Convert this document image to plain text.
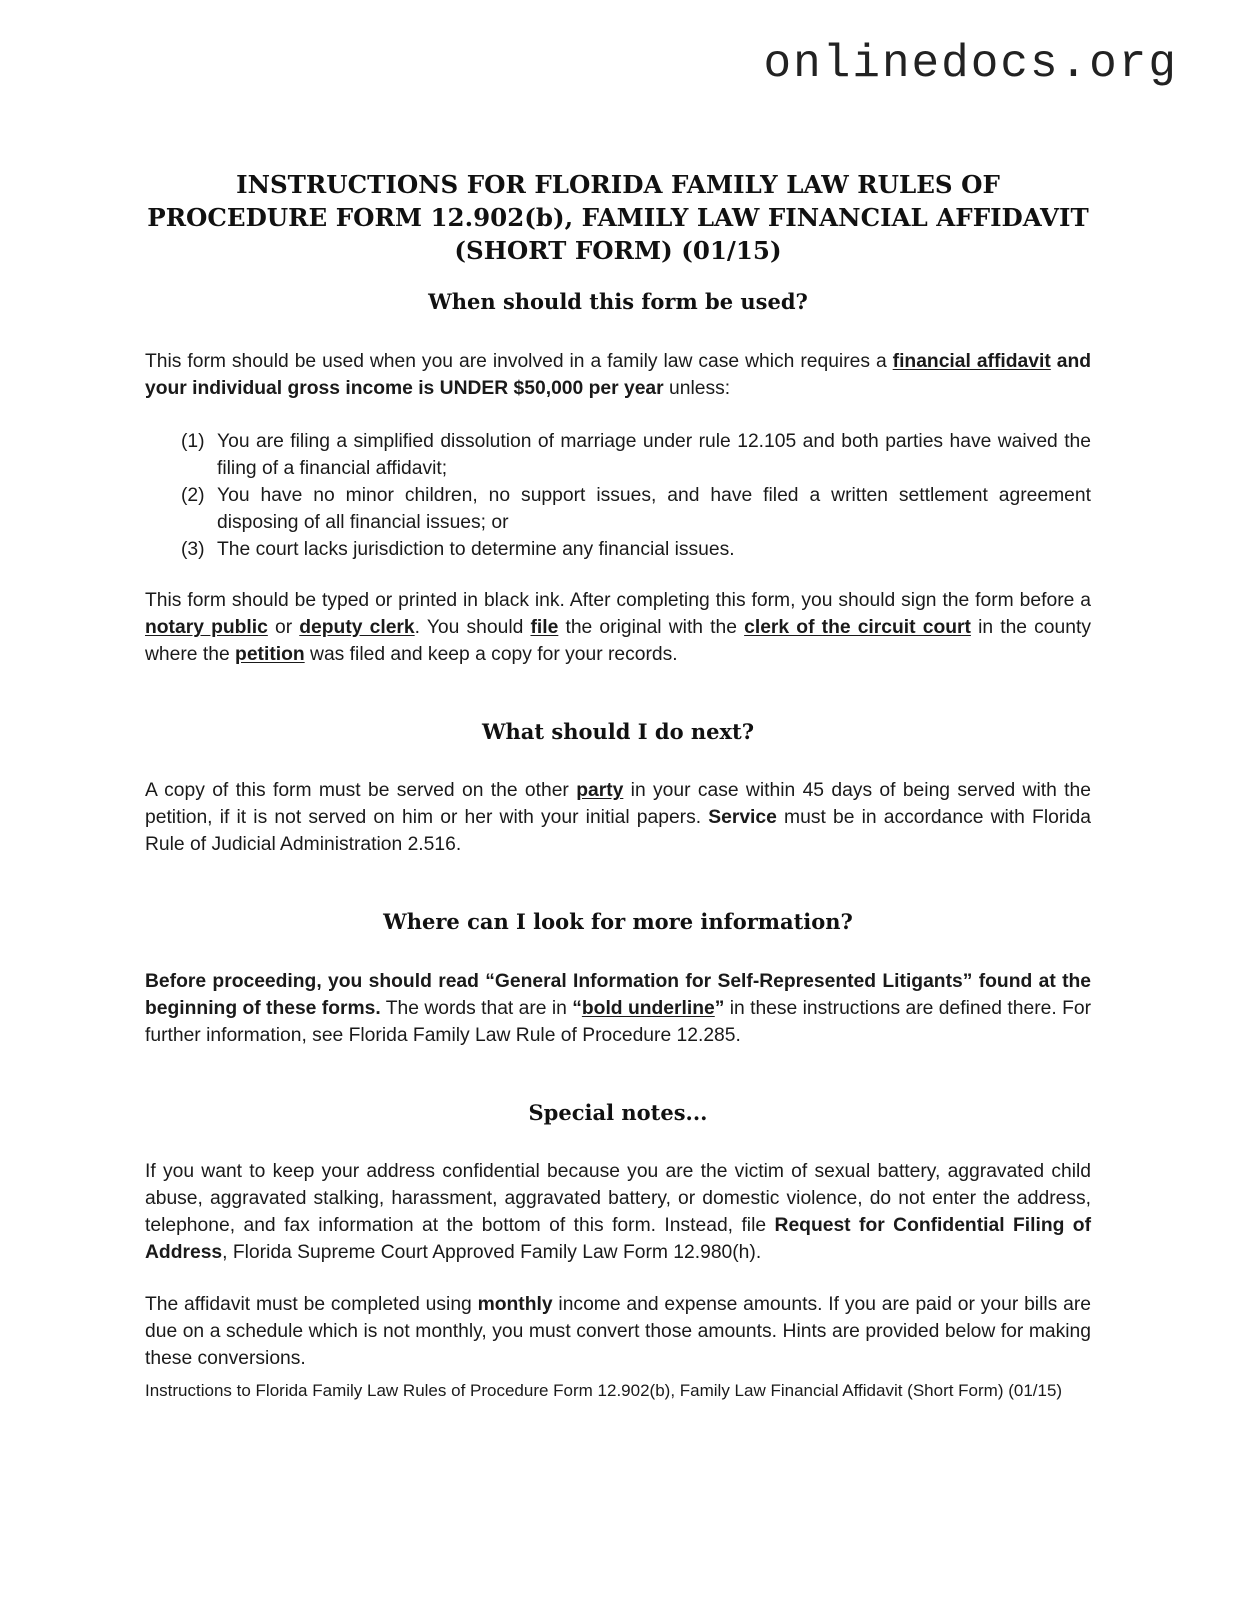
onlinedocs.org
INSTRUCTIONS FOR FLORIDA FAMILY LAW RULES OF PROCEDURE FORM 12.902(b), FAMILY LAW FINANCIAL AFFIDAVIT (SHORT FORM) (01/15)
When should this form be used?

This form should be used when you are involved in a family law case which requires a financial affidavit and your individual gross income is UNDER $50,000 per year unless:

(1) You are filing a simplified dissolution of marriage under rule 12.105 and both parties have waived the filing of a financial affidavit;
(2) You have no minor children, no support issues, and have filed a written settlement agreement disposing of all financial issues; or
(3) The court lacks jurisdiction to determine any financial issues.

This form should be typed or printed in black ink. After completing this form, you should sign the form before a notary public or deputy clerk. You should file the original with the clerk of the circuit court in the county where the petition was filed and keep a copy for your records.

What should I do next?

A copy of this form must be served on the other party in your case within 45 days of being served with the petition, if it is not served on him or her with your initial papers. Service must be in accordance with Florida Rule of Judicial Administration 2.516.

Where can I look for more information?

Before proceeding, you should read “General Information for Self-Represented Litigants” found at the beginning of these forms. The words that are in “bold underline” in these instructions are defined there. For further information, see Florida Family Law Rule of Procedure 12.285.

Special notes...

If you want to keep your address confidential because you are the victim of sexual battery, aggravated child abuse, aggravated stalking, harassment, aggravated battery, or domestic violence, do not enter the address, telephone, and fax information at the bottom of this form. Instead, file Request for Confidential Filing of Address, Florida Supreme Court Approved Family Law Form 12.980(h).

The affidavit must be completed using monthly income and expense amounts. If you are paid or your bills are due on a schedule which is not monthly, you must convert those amounts. Hints are provided below for making these conversions.

Instructions to Florida Family Law Rules of Procedure Form 12.902(b), Family Law Financial Affidavit (Short Form) (01/15)
